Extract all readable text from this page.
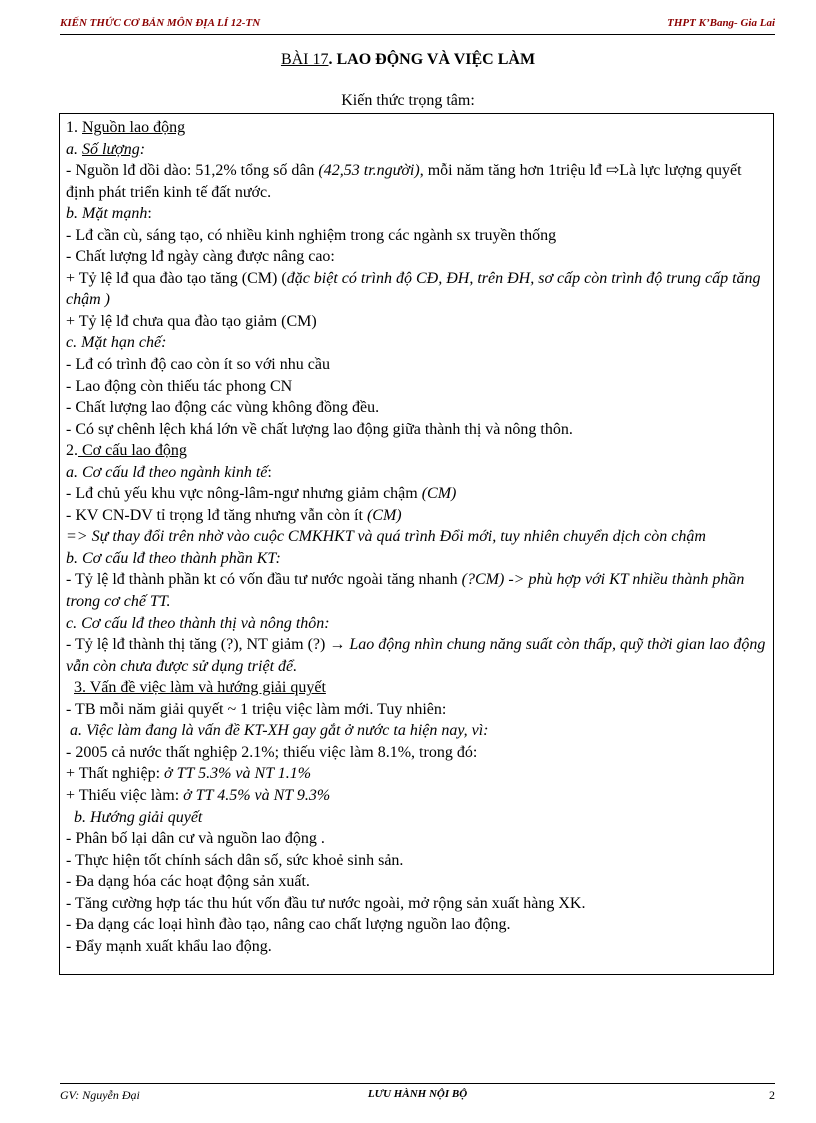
KIẾN THỨC CƠ BẢN MÔN ĐỊA LÍ 12-TN	THPT K’Bang- Gia Lai
BÀI 17. LAO ĐỘNG VÀ VIỆC LÀM
Kiến thức trọng tâm:
1. Nguồn lao động
a. Số lượng:
- Nguồn lđ dồi dào: 51,2% tổng số dân (42,53 tr.người), mỗi năm tăng hơn 1triệu lđ ⇨Là lực lượng quyết định phát triển kinh tế đất nước.
b. Mặt mạnh:
- Lđ cần cù, sáng tạo, có nhiều kinh nghiệm trong các ngành sx truyền thống
- Chất lượng lđ ngày càng được nâng cao:
+ Tỷ lệ lđ qua đào tạo tăng (CM) (đặc biệt có trình độ CĐ, ĐH, trên ĐH, sơ cấp còn trình độ trung cấp tăng chậm )
+ Tỷ lệ lđ chưa qua đào tạo giảm (CM)
c. Mặt hạn chế:
- Lđ có trình độ cao còn ít so với nhu cầu
- Lao động còn thiếu tác phong CN
- Chất lượng lao động các vùng không đồng đều.
- Có sự chênh lệch khá lớn về chất lượng lao động giữa thành thị và nông thôn.
2. Cơ cấu lao động
a. Cơ cấu lđ theo ngành kinh tế:
- Lđ chủ yếu khu vực nông-lâm-ngư nhưng giảm chậm (CM)
- KV CN-DV tỉ trọng lđ tăng nhưng vẫn còn ít (CM)
=> Sự thay đổi trên nhờ vào cuộc CMKHKT và quá trình Đổi mới, tuy nhiên chuyển dịch còn chậm
b. Cơ cấu lđ theo thành phần KT:
- Tỷ lệ lđ thành phần kt có vốn đầu tư nước ngoài tăng nhanh (?CM) -> phù hợp với KT nhiều thành phần trong cơ chế TT.
c. Cơ cấu lđ theo thành thị và nông thôn:
- Tỷ lệ lđ thành thị tăng (?), NT giảm (?) → Lao động nhìn chung năng suất còn thấp, quỹ thời gian lao động vẫn còn chưa được sử dụng triệt để.
3. Vấn đề việc làm và hướng giải quyết
- TB mỗi năm giải quyết ~ 1 triệu việc làm mới. Tuy nhiên:
a. Việc làm đang là vấn đề KT-XH gay gắt ở nước ta hiện nay, vì:
- 2005 cả nước thất nghiệp 2.1%; thiếu việc làm 8.1%, trong đó:
+ Thất nghiệp: ở TT 5.3% và NT 1.1%
+ Thiếu việc làm: ở TT 4.5% và NT 9.3%
b. Hướng giải quyết
- Phân bố lại dân cư và nguồn lao động .
- Thực hiện tốt chính sách dân số, sức khoẻ sinh sản.
- Đa dạng hóa các hoạt động sản xuất.
- Tăng cường hợp tác thu hút vốn đầu tư nước ngoài, mở rộng sản xuất hàng XK.
- Đa dạng các loại hình đào tạo, nâng cao chất lượng nguồn lao động.
- Đẩy mạnh xuất khẩu lao động.
GV: Nguyễn Đại	LƯU HÀNH NỘI BỘ	2
